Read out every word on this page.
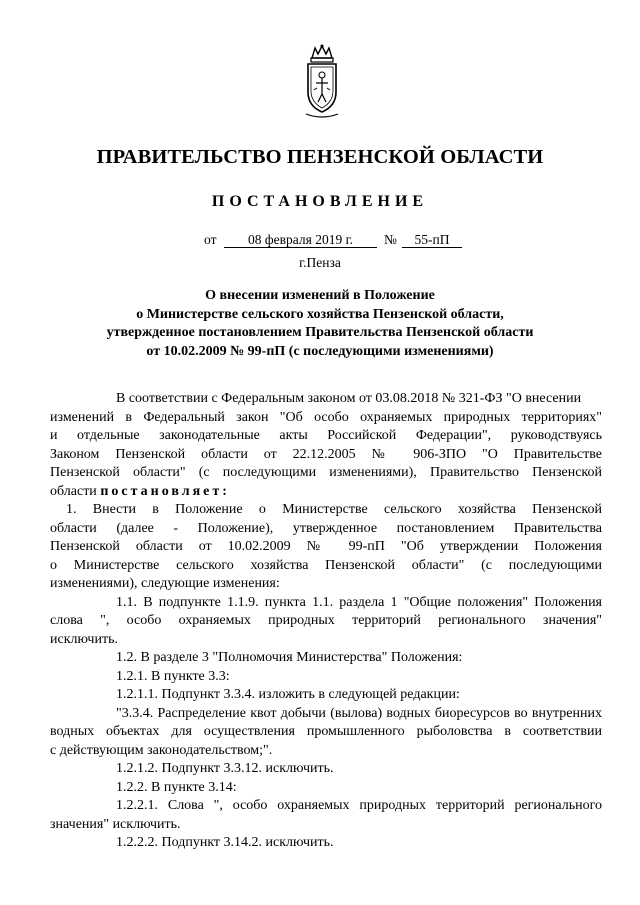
ПРАВИТЕЛЬСТВО ПЕНЗЕНСКОЙ ОБЛАСТИ
ПОСТАНОВЛЕНИЕ
от	08 февраля 2019 г.	№	55-пП
г.Пенза
О внесении изменений в Положение
о Министерстве сельского хозяйства Пензенской области,
утвержденное постановлением Правительства Пензенской области
от 10.02.2009 № 99-пП (с последующими изменениями)
В соответствии с Федеральным законом от 03.08.2018 № 321-ФЗ "О внесении
изменений в Федеральный закон "Об особо охраняемых природных территориях"
и отдельные законодательные акты Российской Федерации", руководствуясь
Законом Пензенской области от 22.12.2005 № 906-ЗПО "О Правительстве
Пензенской области" (с последующими изменениями), Правительство Пензенской
области постановляет:
1. Внести в Положение о Министерстве сельского хозяйства Пензенской
области (далее - Положение), утвержденное постановлением Правительства
Пензенской области от 10.02.2009 № 99-пП "Об утверждении Положения
о Министерстве сельского хозяйства Пензенской области" (с последующими
изменениями), следующие изменения:
1.1. В подпункте 1.1.9. пункта 1.1. раздела 1 "Общие положения" Положения
слова ", особо охраняемых природных территорий регионального значения"
исключить.
1.2. В разделе 3 "Полномочия Министерства" Положения:
1.2.1. В пункте 3.3:
1.2.1.1. Подпункт 3.3.4. изложить в следующей редакции:
"3.3.4. Распределение квот добычи (вылова) водных биоресурсов во внутренних
водных объектах для осуществления промышленного рыболовства в соответствии
с действующим законодательством;".
1.2.1.2. Подпункт 3.3.12. исключить.
1.2.2. В пункте 3.14:
1.2.2.1. Слова ", особо охраняемых природных территорий регионального
значения" исключить.
1.2.2.2. Подпункт 3.14.2. исключить.
